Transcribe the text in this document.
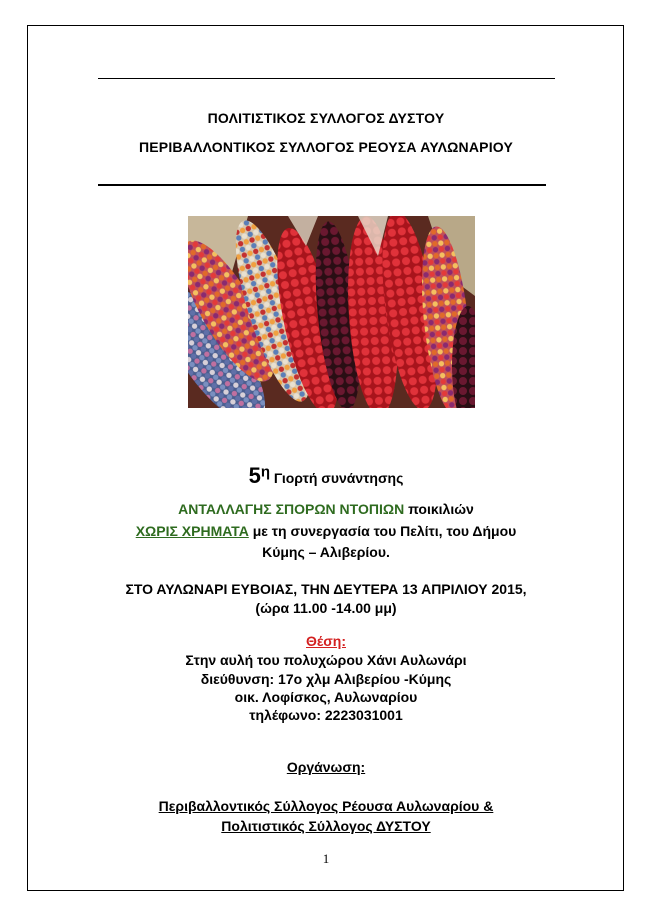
ΠΟΛΙΤΙΣΤΙΚΟΣ ΣΥΛΛΟΓΟΣ ΔΥΣΤΟΥ
ΠΕΡΙΒΑΛΛΟΝΤΙΚΟΣ ΣΥΛΛΟΓΟΣ ΡΕΟΥΣΑ ΑΥΛΩΝΑΡΙΟΥ
5η Γιορτή συνάντησης
ΑΝΤΑΛΛΑΓΗΣ ΣΠΟΡΩΝ ΝΤΟΠΙΩΝ ποικιλιών
ΧΩΡΙΣ ΧΡΗΜΑΤΑ με τη συνεργασία του Πελίτι, του Δήμου
Κύμης – Αλιβερίου.
ΣΤΟ ΑΥΛΩΝΑΡΙ ΕΥΒΟΙΑΣ, ΤΗΝ ΔΕΥΤΕΡΑ 13 ΑΠΡΙΛΙΟΥ 2015,
(ώρα 11.00 -14.00 μμ)
Θέση:
Στην αυλή του πολυχώρου Χάνι Αυλωνάρι
διεύθυνση: 17ο χλμ Αλιβερίου -Κύμης
οικ. Λοφίσκος, Αυλωναρίου
τηλέφωνο: 2223031001
Οργάνωση:
Περιβαλλοντικός Σύλλογος Ρέουσα Αυλωναρίου &
Πολιτιστικός Σύλλογος ΔΥΣΤΟΥ
1
